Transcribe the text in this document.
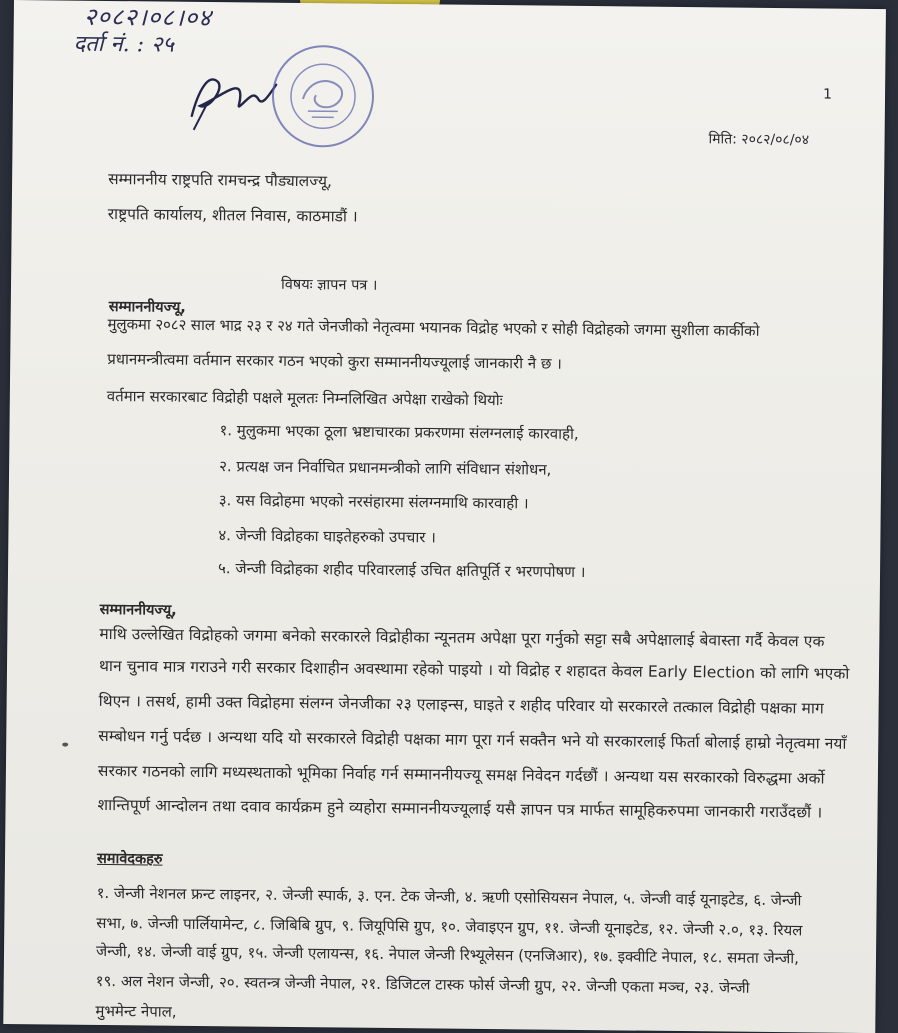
२०८२।०८।०४
दर्ता नं. : २५
1
मिति: २०८२/०८/०४
सम्माननीय राष्ट्रपति रामचन्द्र पौड्यालज्यू,
राष्ट्रपति कार्यालय, शीतल निवास, काठमाडौं ।
विषयः ज्ञापन पत्र ।
सम्माननीयज्यू,
मुलुकमा २०८२ साल भाद्र २३ र २४ गते जेनजीको नेतृत्वमा भयानक विद्रोह भएको र सोही विद्रोहको जगमा सुशीला कार्कीको
प्रधानमन्त्रीत्वमा वर्तमान सरकार गठन भएको कुरा सम्माननीयज्यूलाई जानकारी नै छ ।
वर्तमान सरकारबाट विद्रोही पक्षले मूलतः निम्नलिखित अपेक्षा राखेको थियोः
१. मुलुकमा भएका ठूला भ्रष्टाचारका प्रकरणमा संलग्नलाई कारवाही,
२. प्रत्यक्ष जन निर्वाचित प्रधानमन्त्रीको लागि संविधान संशोधन,
३. यस विद्रोहमा भएको नरसंहारमा संलग्नमाथि कारवाही ।
४. जेन्जी विद्रोहका घाइतेहरुको उपचार ।
५. जेन्जी विद्रोहका शहीद परिवारलाई उचित क्षतिपूर्ति र भरणपोषण ।
सम्माननीयज्यू,
माथि उल्लेखित विद्रोहको जगमा बनेको सरकारले विद्रोहीका न्यूनतम अपेक्षा पूरा गर्नुको सट्टा सबै अपेक्षालाई बेवास्ता गर्दै केवल एक
थान चुनाव मात्र गराउने गरी सरकार दिशाहीन अवस्थामा रहेको पाइयो । यो विद्रोह र शहादत केवल Early Election को लागि भएको
थिएन । तसर्थ, हामी उक्त विद्रोहमा संलग्न जेनजीका २३ एलाइन्स, घाइते र शहीद परिवार यो सरकारले तत्काल विद्रोही पक्षका माग
सम्बोधन गर्नु पर्दछ । अन्यथा यदि यो सरकारले विद्रोही पक्षका माग पूरा गर्न सक्तैन भने यो सरकारलाई फिर्ता बोलाई हाम्रो नेतृत्वमा नयाँ
सरकार गठनको लागि मध्यस्थताको भूमिका निर्वाह गर्न सम्माननीयज्यू समक्ष निवेदन गर्दछौं । अन्यथा यस सरकारको विरुद्धमा अर्को
शान्तिपूर्ण आन्दोलन तथा दवाव कार्यक्रम हुने व्यहोरा सम्माननीयज्यूलाई यसै ज्ञापन पत्र मार्फत सामूहिकरुपमा जानकारी गराउँदछौं ।
समावेदकहरु
१. जेन्जी नेशनल फ्रन्ट लाइनर, २. जेन्जी स्पार्क, ३. एन. टेक जेन्जी, ४. ऋणी एसोसियसन नेपाल, ५. जेन्जी वाई यूनाइटेड, ६. जेन्जी
सभा, ७. जेन्जी पार्लियामेन्ट, ८. जिबिबि ग्रुप, ९. जियूपिसि ग्रुप, १०. जेवाइएन ग्रुप, ११. जेन्जी यूनाइटेड, १२. जेन्जी २.०, १३. रियल
जेन्जी, १४. जेन्जी वाई ग्रुप, १५. जेन्जी एलायन्स, १६. नेपाल जेन्जी रिभ्यूलेसन (एनजिआर), १७. इक्वीटि नेपाल, १८. समता जेन्जी,
१९. अल नेशन जेन्जी, २०. स्वतन्त्र जेन्जी नेपाल, २१. डिजिटल टास्क फोर्स जेन्जी ग्रुप, २२. जेन्जी एकता मञ्च, २३. जेन्जी
मुभमेन्ट नेपाल,
